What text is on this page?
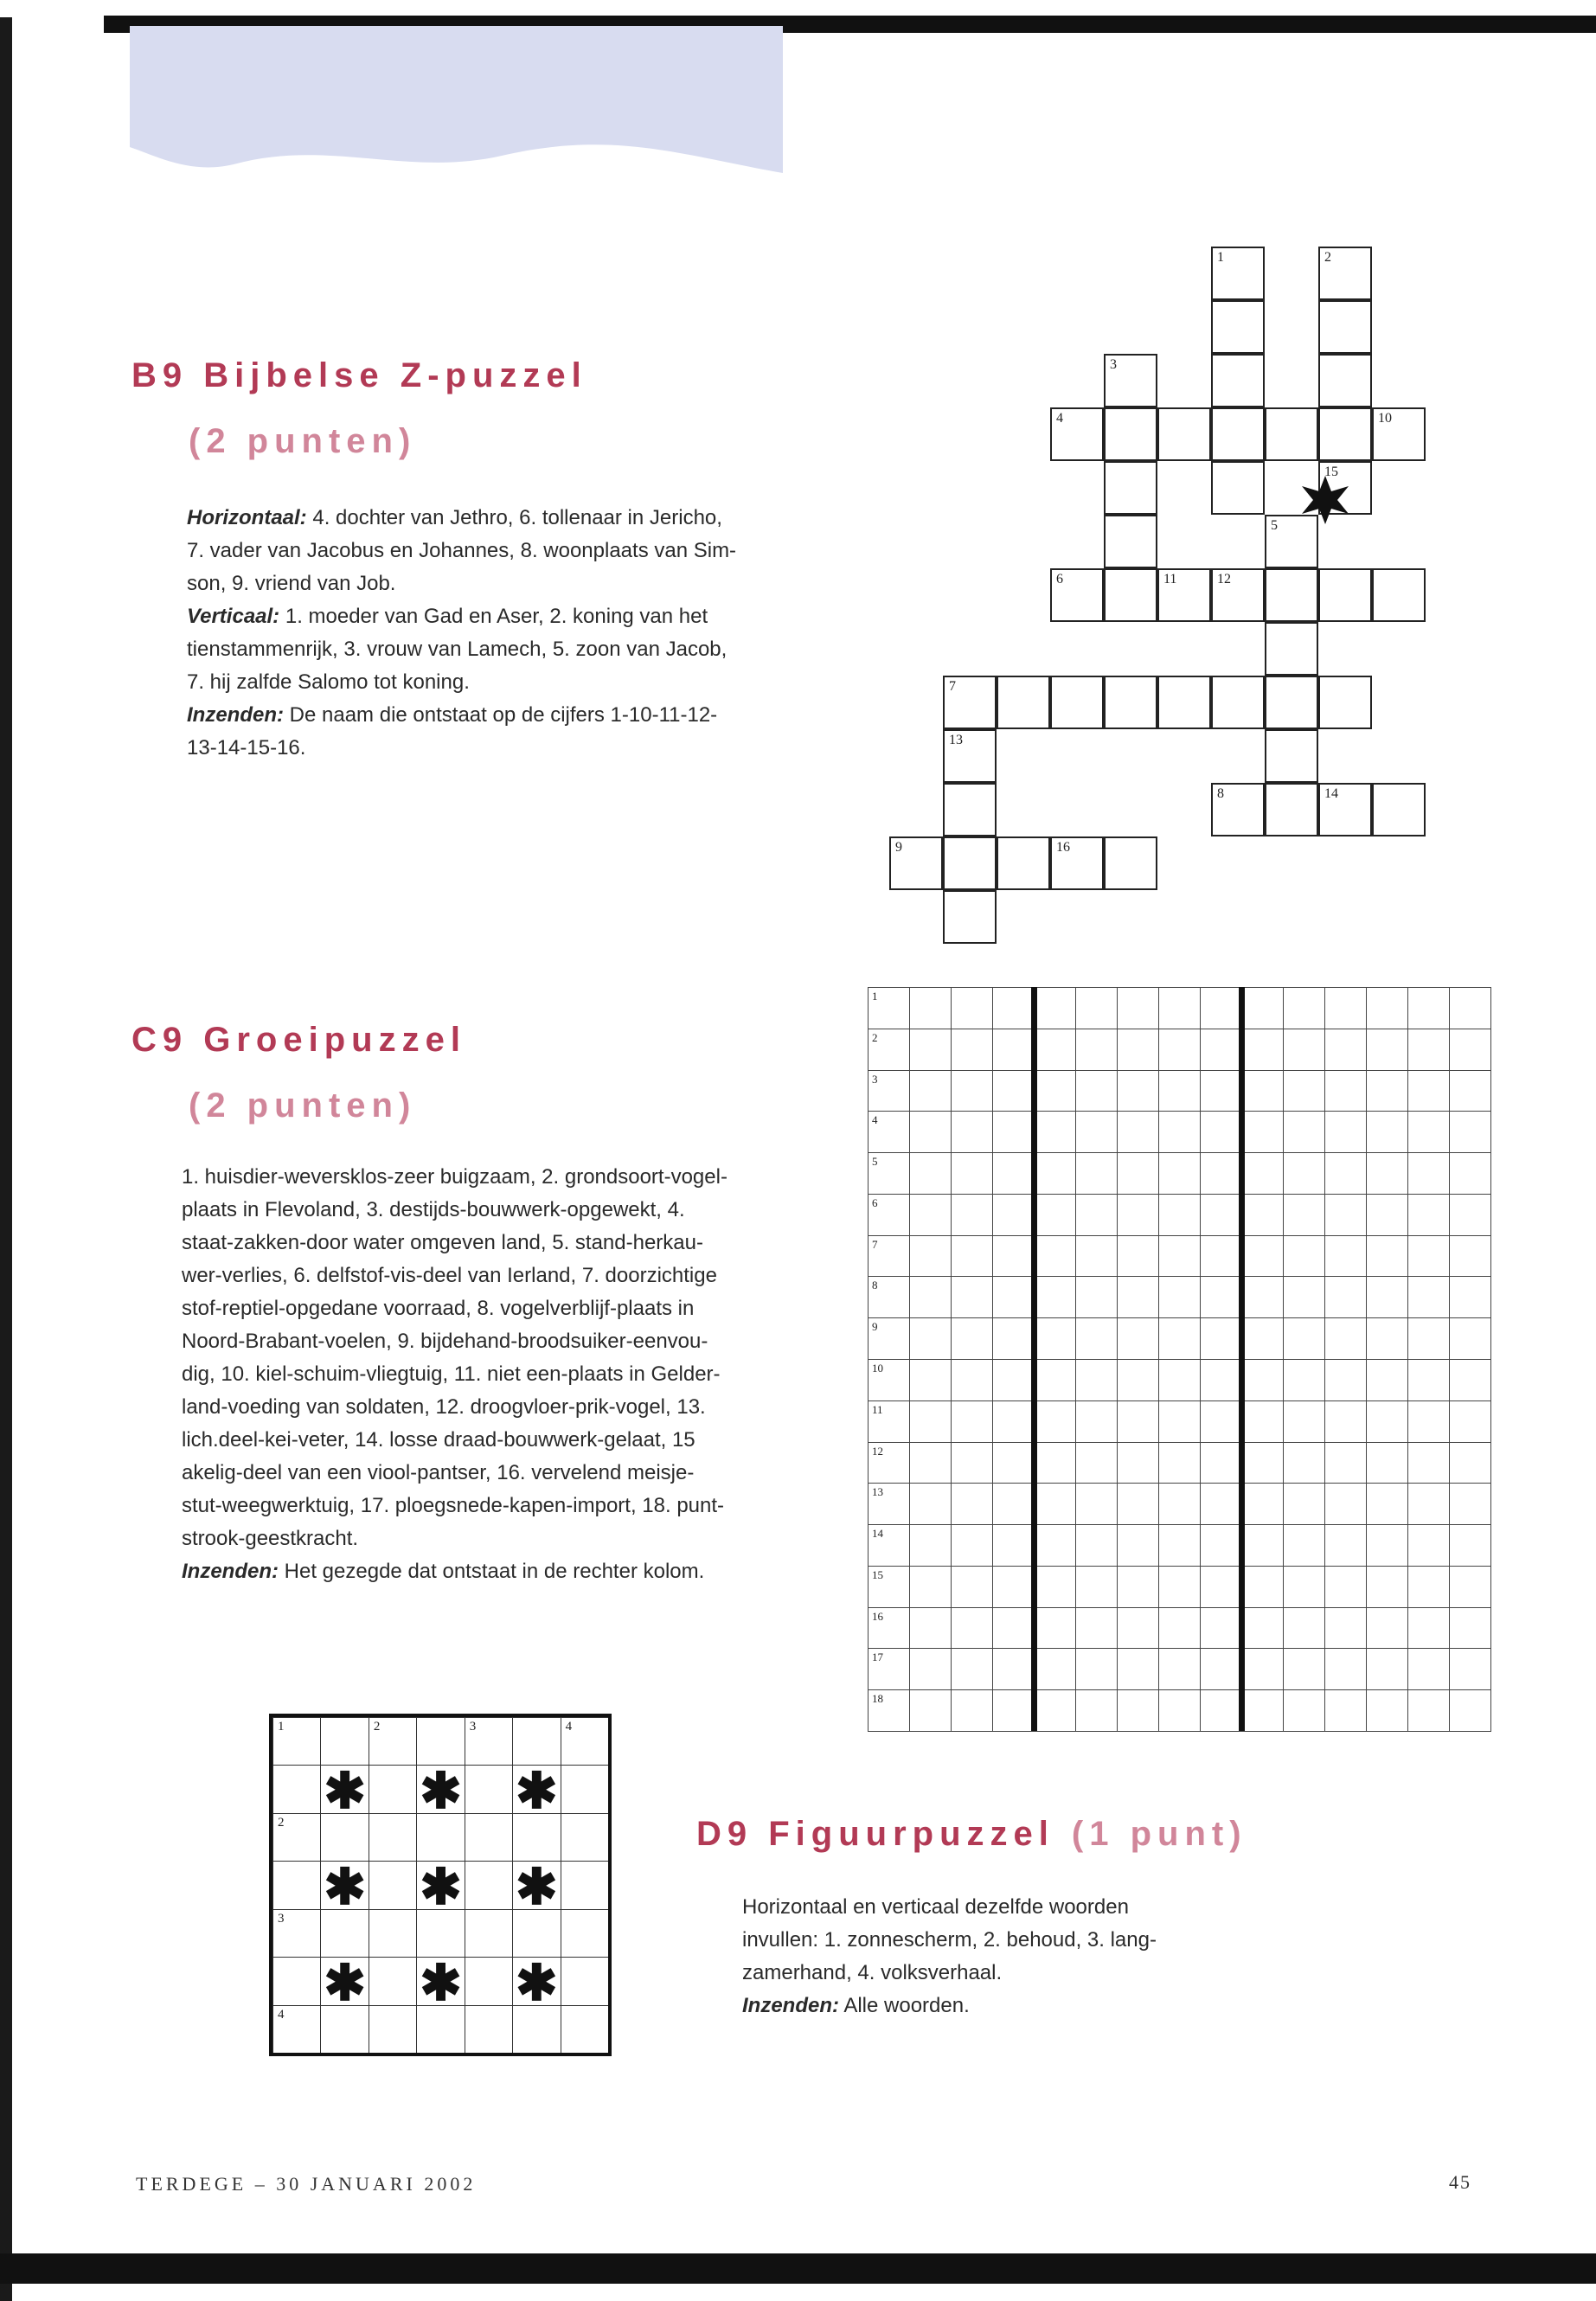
B9 Bijbelse Z-puzzel
(2 punten)
Horizontaal: 4. dochter van Jethro, 6. tollenaar in Jericho,
7. vader van Jacobus en Johannes, 8. woonplaats van Sim-
son, 9. vriend van Job.
Verticaal: 1. moeder van Gad en Aser, 2. koning van het
tienstammenrijk, 3. vrouw van Lamech, 5. zoon van Jacob,
7. hij zalfde Salomo tot koning.
Inzenden: De naam die ontstaat op de cijfers 1-10-11-12-
13-14-15-16.
C9 Groeipuzzel
(2 punten)
1. huisdier-weversklos-zeer buigzaam, 2. grondsoort-vogel-
plaats in Flevoland, 3. destijds-bouwwerk-opgewekt, 4.
staat-zakken-door water omgeven land, 5. stand-herkau-
wer-verlies, 6. delfstof-vis-deel van Ierland, 7. doorzichtige
stof-reptiel-opgedane voorraad, 8. vogelverblijf-plaats in
Noord-Brabant-voelen, 9. bijdehand-broodsuiker-eenvou-
dig, 10. kiel-schuim-vliegtuig, 11. niet een-plaats in Gelder-
land-voeding van soldaten, 12. droogvloer-prik-vogel, 13.
lich.deel-kei-veter, 14. losse draad-bouwwerk-gelaat, 15
akelig-deel van een viool-pantser, 16. vervelend meisje-
stut-weegwerktuig, 17. ploegsnede-kapen-import, 18. punt-
strook-geestkracht.
Inzenden: Het gezegde dat ontstaat in de rechter kolom.
1
2
3
4
5
6
7
8
9
10
11
12
13
14
15
16
17
18
D9 Figuurpuzzel (1 punt)
Horizontaal en verticaal dezelfde woorden
invullen: 1. zonnescherm, 2. behoud, 3. lang-
zamerhand, 4. volksverhaal.
Inzenden: Alle woorden.
1	2	3	4
✱ ✱ ✱
2
✱ ✱ ✱
3
✱ ✱ ✱
4
TERDEGE – 30 JANUARI 2002	45
1	2
3
4	10
15
5
6	11	12
7
13
8	14
9	16
